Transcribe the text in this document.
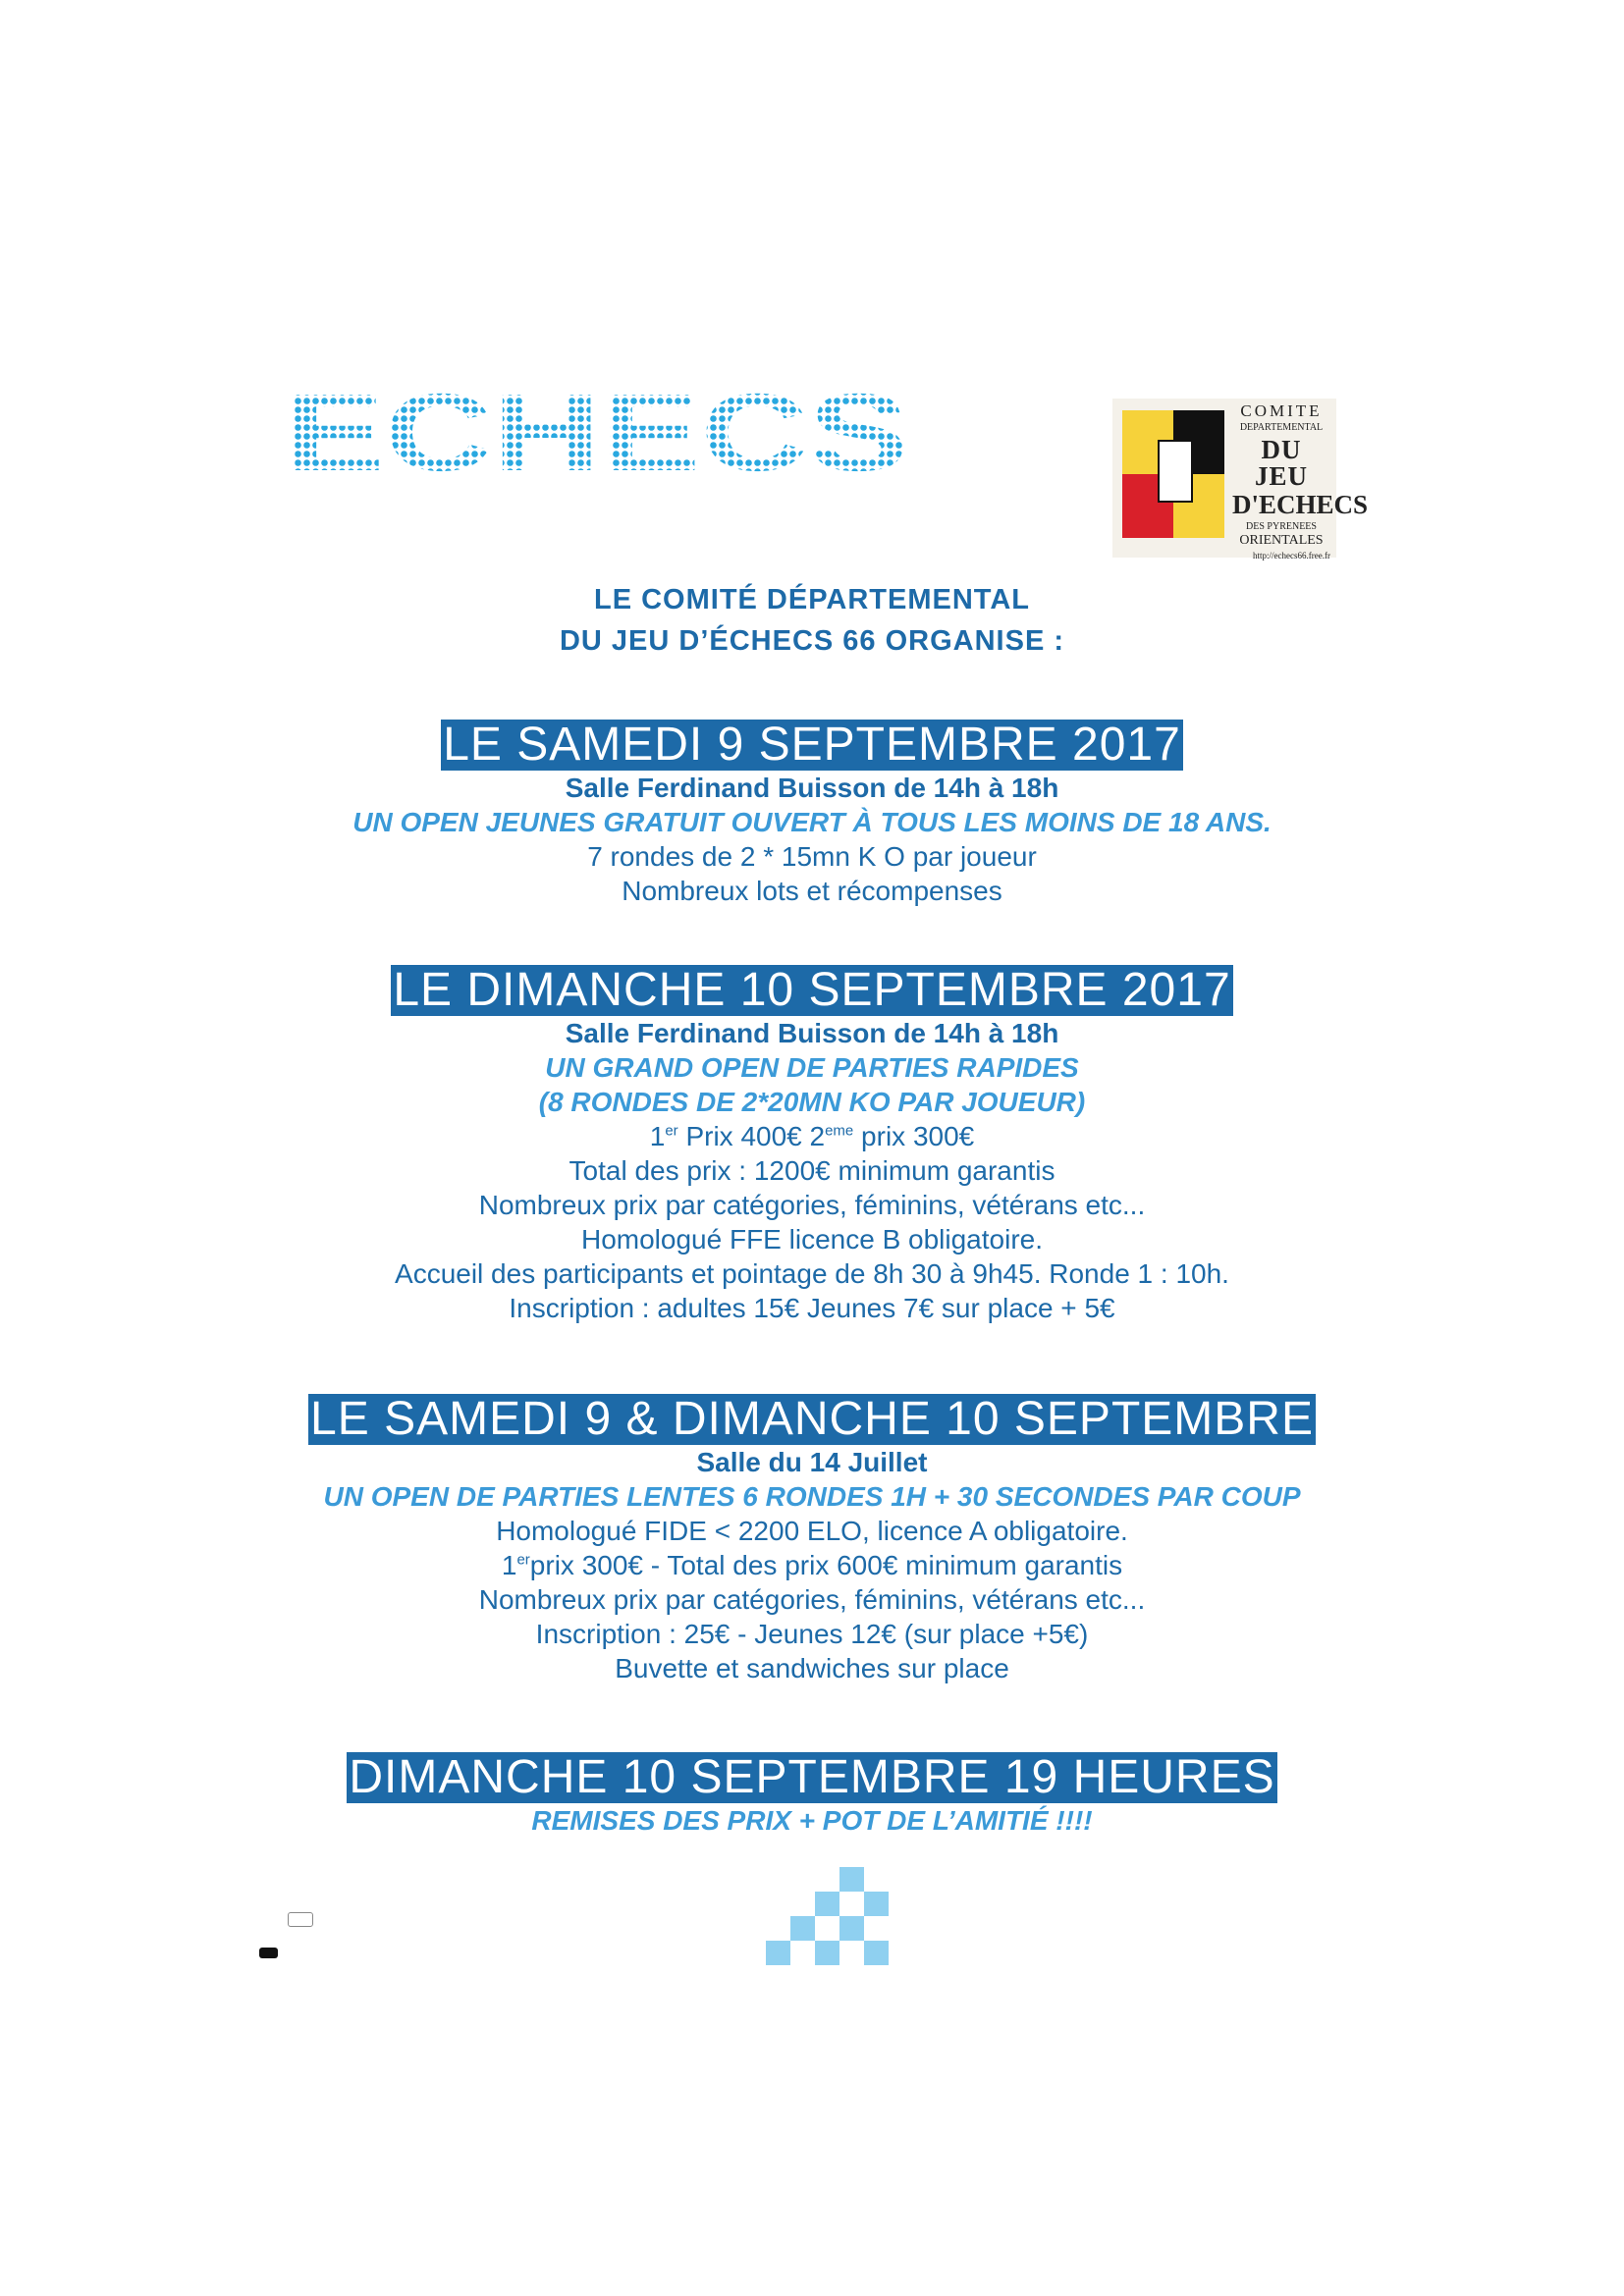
ECHECS	COMITE
DEPARTEMENTAL
DU JEU
D'ECHECS
DES PYRENEES
ORIENTALES
http://echecs66.free.fr
LE COMITÉ DÉPARTEMENTAL
DU JEU D’ÉCHECS 66 ORGANISE :
LE SAMEDI 9 SEPTEMBRE 2017
Salle Ferdinand Buisson de 14h à 18h
UN OPEN JEUNES GRATUIT OUVERT À TOUS LES MOINS DE 18 ANS.
7 rondes de 2 * 15mn K O par joueur
Nombreux lots et récompenses
LE DIMANCHE 10 SEPTEMBRE 2017
Salle Ferdinand Buisson de 14h à 18h
UN GRAND OPEN DE PARTIES RAPIDES
(8 RONDES DE 2*20MN KO PAR JOUEUR)
1er Prix 400€ 2eme prix 300€
Total des prix : 1200€ minimum garantis
Nombreux prix par catégories, féminins, vétérans etc...
Homologué FFE licence B obligatoire.
Accueil des participants et pointage de 8h 30 à 9h45. Ronde 1 : 10h.
Inscription : adultes 15€ Jeunes 7€ sur place + 5€
LE SAMEDI 9 & DIMANCHE 10 SEPTEMBRE
Salle du 14 Juillet
UN OPEN DE PARTIES LENTES 6 RONDES 1H + 30 SECONDES PAR COUP
Homologué FIDE < 2200 ELO, licence A obligatoire.
1erprix 300€ - Total des prix 600€ minimum garantis
Nombreux prix par catégories, féminins, vétérans etc...
Inscription : 25€ - Jeunes 12€ (sur place +5€)
Buvette et sandwiches sur place
DIMANCHE 10 SEPTEMBRE 19 HEURES
REMISES DES PRIX + POT DE L’AMITIÉ !!!!
